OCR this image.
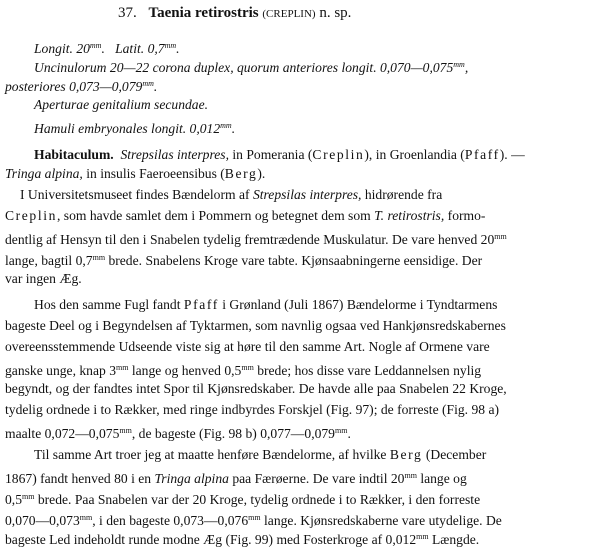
37. Taenia retirostris (CREPLIN) n. sp.
Longit. $20^{mm}$.   Latit. $0,7^{mm}$.
Uncinulorum 20—22 corona duplex, quorum anteriores longit. $0,070—0,075^{mm}$,
posteriores $0,073—0,079^{mm}$.
Aperturae genitalium secundae.
Hamuli embryonales longit. $0,012^{mm}$.
Habitaculum. Strepsilas interpres, in Pomerania (Creplin), in Groenlandia (Pfaff). —
Tringa alpina, in insulis Faeroeensibus (Berg).
I Universitetsmuseet findes Bændelorm af Strepsilas interpres, hidrørende fra
Creplin, som havde samlet dem i Pommern og betegnet dem som T. retirostris, formo-
dentlig af Hensyn til den i Snabelen tydelig fremtrædende Muskulatur. De vare henved $20^{mm}$
lange, bagtil $0,7^{mm}$ brede. Snabelens Kroge vare tabte. Kjønsaabningerne eensidige. Der
var ingen Æg.
Hos den samme Fugl fandt Pfaff i Grønland (Juli 1867) Bændelorme i Tyndtarmens
bageste Deel og i Begyndelsen af Tyktarmen, som navnlig ogsaa ved Hankjønsredskabernes
overeensstemmende Udseende viste sig at høre til den samme Art. Nogle af Ormene vare
ganske unge, knap $3^{mm}$ lange og henved $0,5^{mm}$ brede; hos disse vare Leddannelsen nylig
begyndt, og der fandtes intet Spor til Kjønsredskaber. De havde alle paa Snabelen 22 Kroge,
tydelig ordnede i to Rækker, med ringe indbyrdes Forskjel (Fig. 97); de forreste (Fig. 98 a)
maalte $0,072—0,075^{mm}$, de bageste (Fig. 98 b) $0,077—0,079^{mm}$.
Til samme Art troer jeg at maatte henføre Bændelorme, af hvilke Berg (December
1867) fandt henved 80 i en Tringa alpina paa Færøerne. De vare indtil $20^{mm}$ lange og
$0,5^{mm}$ brede. Paa Snabelen var der 20 Kroge, tydelig ordnede i to Rækker, i den forreste
$0,070—0,073^{mm}$, i den bageste $0,073—0,076^{mm}$ lange. Kjønsredskaberne vare utydelige. De
bageste Led indeholdt runde modne Æg (Fig. 99) med Fosterkroge af $0,012^{mm}$ Længde.
